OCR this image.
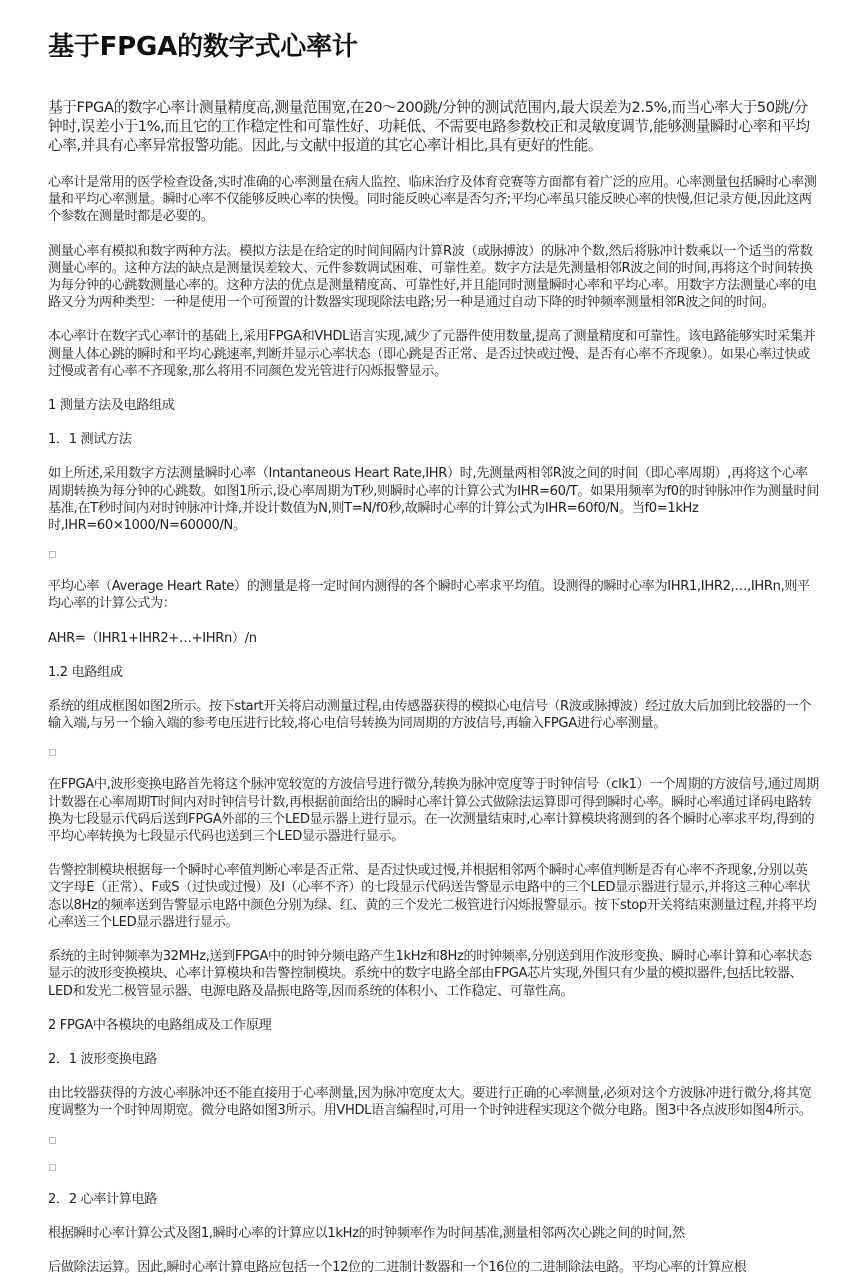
基于FPGA的数字式心率计

基于FPGA的数字心率计测量精度高,测量范围宽,在20～200跳/分钟的测试范围内,最大误差为2.5%,而当心率大于50跳/分钟时,误差小于1%,而且它的工作稳定性和可靠性好、功耗低、不需要电路参数校正和灵敏度调节,能够测量瞬时心率和平均心率,并具有心率异常报警功能。因此,与文献中报道的其它心率计相比,具有更好的性能。

心率计是常用的医学检查设备,实时准确的心率测量在病人监控、临床治疗及体育竞赛等方面都有着广泛的应用。心率测量包括瞬时心率测量和平均心率测量。瞬时心率不仅能够反映心率的快慢。同时能反映心率是否匀齐;平均心率虽只能反映心率的快慢,但记录方便,因此这两个参数在测量时都是必要的。

测量心率有模拟和数字两种方法。模拟方法是在给定的时间间隔内计算R波（或脉搏波）的脉冲个数,然后将脉冲计数乘以一个适当的常数测量心率的。这种方法的缺点是测量误差较大、元件参数调试困难、可靠性差。数字方法是先测量相邻R波之间的时间,再将这个时间转换为每分钟的心跳数测量心率的。这种方法的优点是测量精度高、可靠性好,并且能同时测量瞬时心率和平均心率。用数字方法测量心率的电路又分为两种类型：一种是使用一个可预置的计数器实现现除法电路;另一种是通过自动下降的时钟频率测量相邻R波之间的时间。

本心率计在数字式心率计的基础上,采用FPGA和VHDL语言实现,减少了元器件使用数量,提高了测量精度和可靠性。该电路能够实时采集并测量人体心跳的瞬时和平均心跳速率,判断并显示心率状态（即心跳是否正常、是否过快或过慢、是否有心率不齐现象）。如果心率过快或过慢或者有心率不齐现象,那么将用不同颜色发光管进行闪烁报警显示。

1 测量方法及电路组成

1．1 测试方法

如上所述,采用数字方法测量瞬时心率（Intantaneous Heart Rate,IHR）时,先测量两相邻R波之间的时间（即心率周期）,再将这个心率周期转换为每分钟的心跳数。如图1所示,设心率周期为T秒,则瞬时心率的计算公式为IHR=60/T。如果用频率为f0的时钟脉冲作为测量时间基准,在T秒时间内对时钟脉冲计烽,并设计数值为N,则T=N/f0秒,故瞬时心率的计算公式为IHR=60f0/N。当f0=1kHz时,IHR=60×1000/N=60000/N。

平均心率（Average Heart Rate）的测量是将一定时间内测得的各个瞬时心率求平均值。设测得的瞬时心率为IHR1,IHR2,…,IHRn,则平均心率的计算公式为：

AHR=（IHR1+IHR2+…+IHRn）/n

1.2 电路组成

系统的组成框图如图2所示。按下start开关将启动测量过程,由传感器获得的模拟心电信号（R波或脉搏波）经过放大后加到比较器的一个输入端,与另一个输入端的参考电压进行比较,将心电信号转换为同周期的方波信号,再输入FPGA进行心率测量。

在FPGA中,波形变换电路首先将这个脉冲宽较宽的方波信号进行微分,转换为脉冲宽度等于时钟信号（clk1）一个周期的方波信号,通过周期计数器在心率周期T时间内对时钟信号计数,再根据前面给出的瞬时心率计算公式做除法运算即可得到瞬时心率。瞬时心率通过译码电路转换为七段显示代码后送到FPGA外部的三个LED显示器上进行显示。在一次测量结束时,心率计算模块将测到的各个瞬时心率求平均,得到的平均心率转换为七段显示代码也送到三个LED显示器进行显示。

告警控制模块根据每一个瞬时心率值判断心率是否正常、是否过快或过慢,并根据相邻两个瞬时心率值判断是否有心率不齐现象,分别以英文字母E（正常）、F或S（过快或过慢）及I（心率不齐）的七段显示代码送告警显示电路中的三个LED显示器进行显示,并将这三种心率状态以8Hz的频率送到告警显示电路中颜色分别为绿、红、黄的三个发光二极管进行闪烁报警显示。按下stop开关将结束测量过程,并将平均心率送三个LED显示器进行显示。

系统的主时钟频率为32MHz,送到FPGA中的时钟分频电路产生1kHz和8Hz的时钟频率,分别送到用作波形变换、瞬时心率计算和心率状态显示的波形变换模块、心率计算模块和告警控制模块。系统中的数字电路全部由FPGA芯片实现,外围只有少量的模拟器件,包括比较器、LED和发光二极管显示器、电源电路及晶振电路等,因而系统的体积小、工作稳定、可靠性高。

2 FPGA中各模块的电路组成及工作原理

2．1 波形变换电路

由比较器获得的方波心率脉冲还不能直接用于心率测量,因为脉冲宽度太大。要进行正确的心率测量,必须对这个方波脉冲进行微分,将其宽度调整为一个时钟周期宽。微分电路如图3所示。用VHDL语言编程时,可用一个时钟进程实现这个微分电路。图3中各点波形如图4所示。

2．2 心率计算电路

根据瞬时心率计算公式及图1,瞬时心率的计算应以1kHz的时钟频率作为时间基准,测量相邻两次心跳之间的时间,然

后做除法运算。因此,瞬时心率计算电路应包括一个12位的二进制计数器和一个16位的二进制除法电路。平均心率的计算应根
